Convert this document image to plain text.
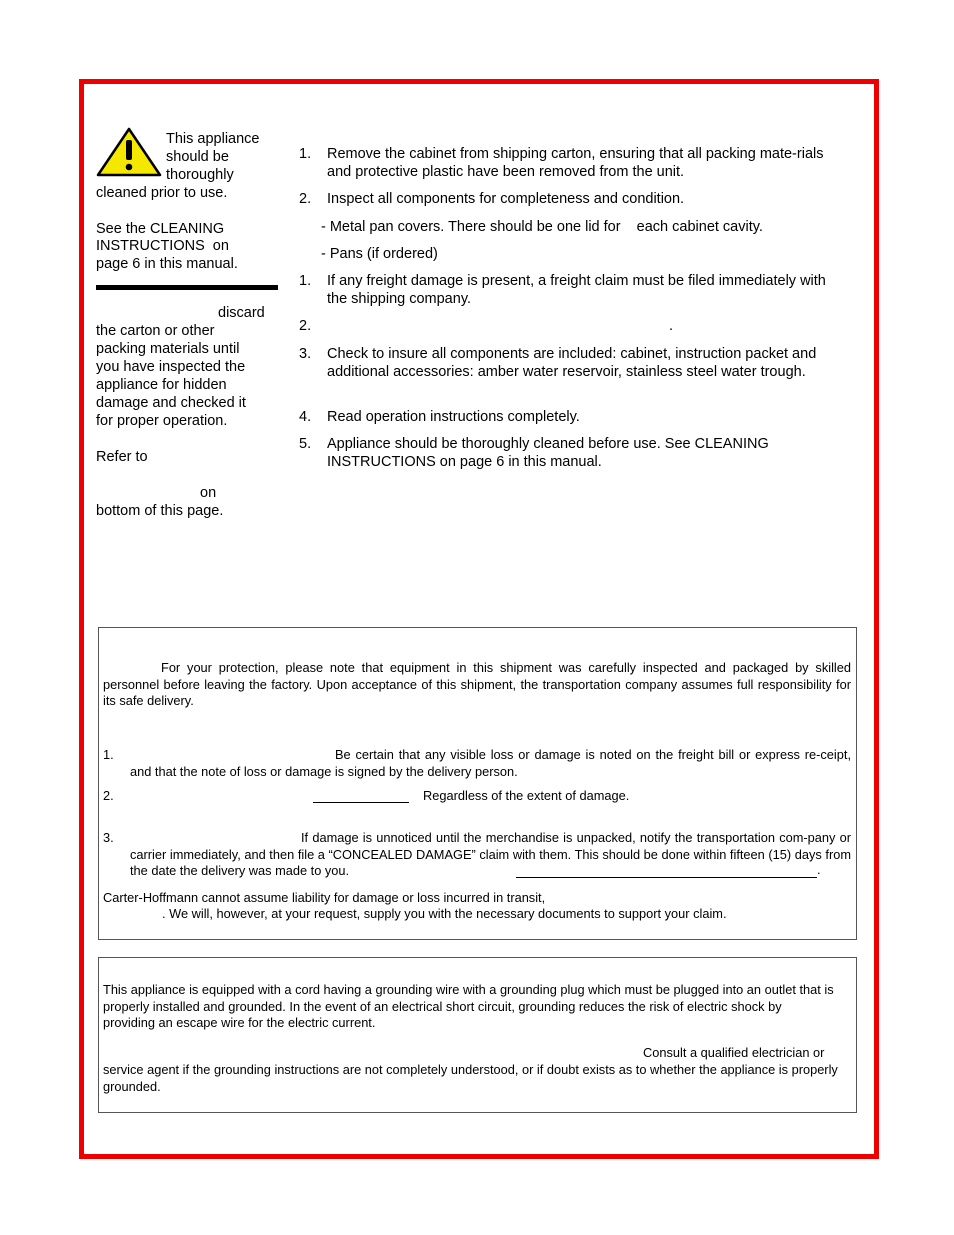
This appliance
should be
thoroughly
cleaned prior to use.
See the CLEANING
INSTRUCTIONS  on
page 6 in this manual.
discard
the carton or other
packing materials until
you have inspected the
appliance for hidden
damage and checked it
for proper operation.
Refer to
on
bottom of this page.
1. Remove the cabinet from shipping carton, ensuring that all packing mate-rials and protective plastic have been removed from the unit.
2. Inspect all components for completeness and condition.
- Metal pan covers. There should be one lid for    each cabinet cavity.
- Pans (if ordered)
1. If any freight damage is present, a freight claim must be filed immediately with the shipping company.
2.	.
3. Check to insure all components are included: cabinet, instruction packet and additional accessories: amber water reservoir, stainless steel water trough.
4. Read operation instructions completely.
5. Appliance should be thoroughly cleaned before use. See CLEANING INSTRUCTIONS on page 6 in this manual.
For your protection, please note that equipment in this shipment was carefully inspected and packaged by skilled personnel before leaving the factory. Upon acceptance of this shipment, the transportation company assumes full responsibility for its safe delivery.
1.	Be certain that any visible loss or damage is noted on the freight bill or express re-ceipt, and that the note of loss or damage is signed by the delivery person.
2.	Regardless of the extent of damage.
3.	If damage is unnoticed until the merchandise is unpacked, notify the transportation com-pany or carrier immediately, and then file a “CONCEALED DAMAGE” claim with them. This should be done within fifteen (15) days from the date the delivery was made to you.	.
Carter-Hoffmann cannot assume liability for damage or loss incurred in transit,
. We will, however, at your request, supply you with the necessary documents to support your claim.
This appliance is equipped with a cord having a grounding wire with a grounding plug which must be plugged into an outlet that is properly installed and grounded. In the event of an electrical short circuit, grounding reduces the risk of electric shock by providing an escape wire for the electric current.
Consult a qualified electrician or
service agent if the grounding instructions are not completely understood, or if doubt exists as to whether the appliance is properly grounded.
